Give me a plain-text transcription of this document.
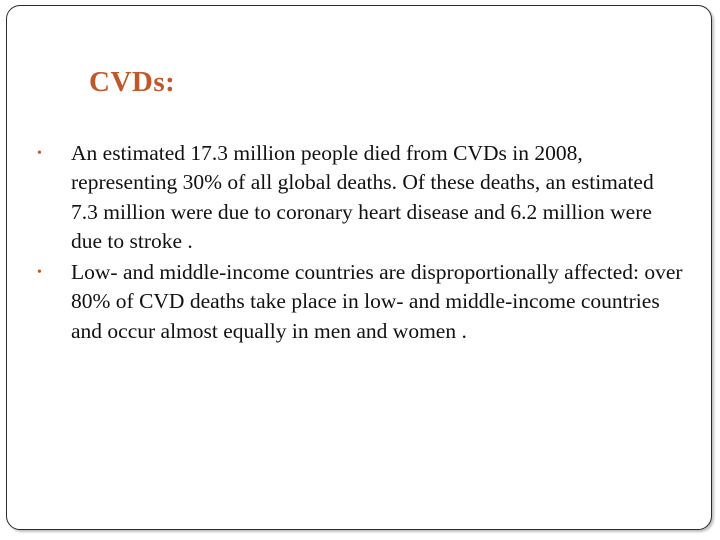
CVDs:
• An estimated 17.3 million people died from CVDs in 2008, representing 30% of all global deaths. Of these deaths, an estimated 7.3 million were due to coronary heart disease and 6.2 million were due to stroke .
• Low- and middle-income countries are disproportionally affected: over 80% of CVD deaths take place in low- and middle-income countries and occur almost equally in men and women .
